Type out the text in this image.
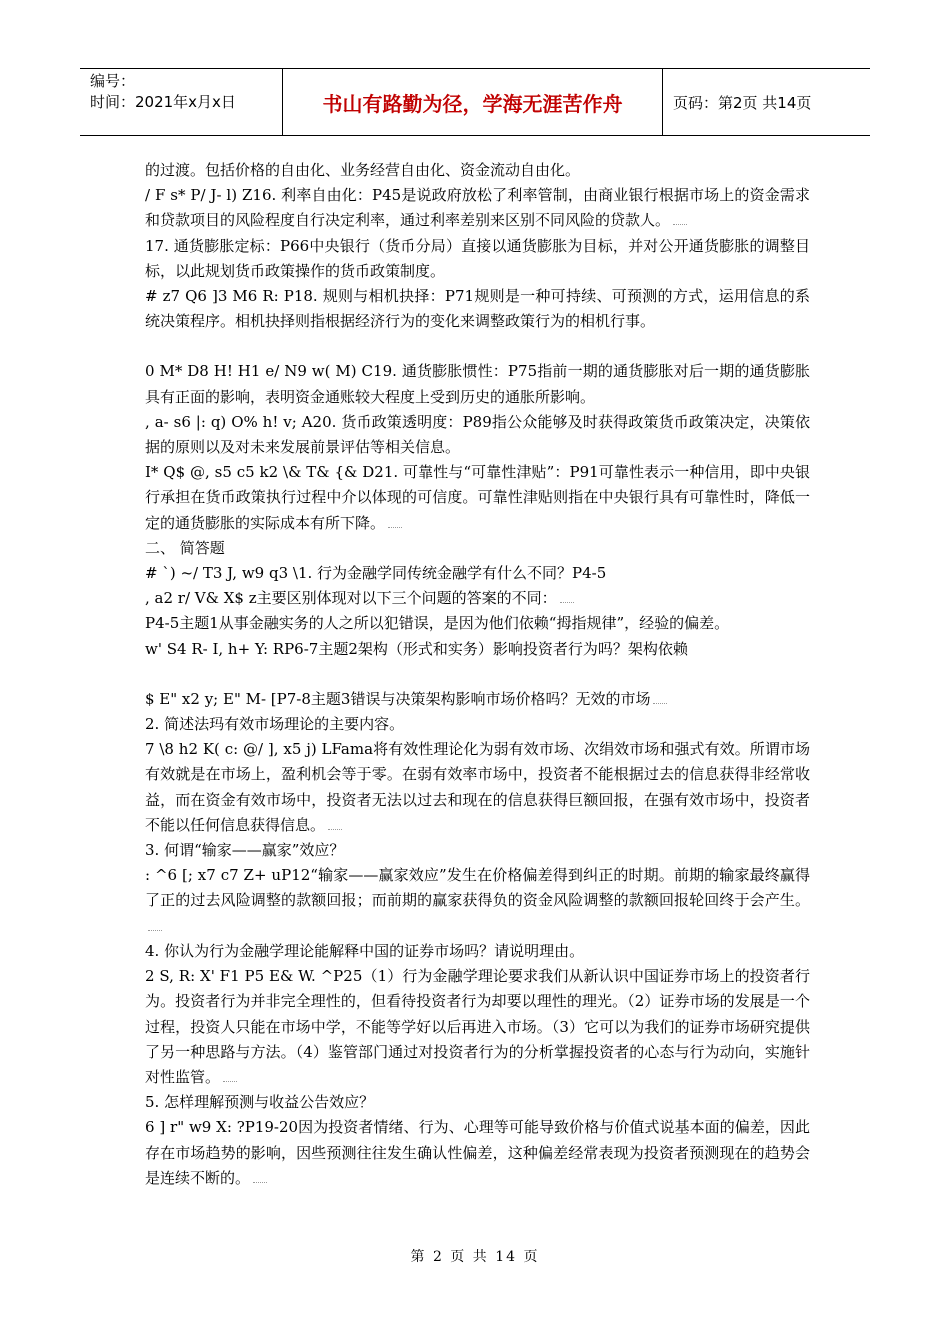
编号：
时间：2021年x月x日	书山有路勤为径，学海无涯苦作舟	页码：第2页 共14页

的过渡。包括价格的自由化、业务经营自由化、资金流动自由化。

/ F s* P/ J- l) Z16. 利率自由化：P45是说政府放松了利率管制，由商业银行根据市场上的资金需求和贷款项目的风险程度自行决定利率，通过利率差别来区别不同风险的贷款人。

17. 通货膨胀定标：P66中央银行（货币分局）直接以通货膨胀为目标，并对公开通货膨胀的调整目标，以此规划货币政策操作的货币政策制度。

# z7 Q6 ]3 M6 R: P18. 规则与相机抉择：P71规则是一种可持续、可预测的方式，运用信息的系统决策程序。相机抉择则指根据经济行为的变化来调整政策行为的相机行事。

0 M* D8 H! H1 e/ N9 w( M) C19. 通货膨胀惯性：P75指前一期的通货膨胀对后一期的通货膨胀具有正面的影响，表明资金通账较大程度上受到历史的通胀所影响。

, a- s6 |: q) O% h! v; A20. 货币政策透明度：P89指公众能够及时获得政策货币政策决定，决策依据的原则以及对未来发展前景评估等相关信息。

I* Q$ @, s5 c5 k2 \& T& {& D21. 可靠性与“可靠性津贴”：P91可靠性表示一种信用，即中央银行承担在货币政策执行过程中介以体现的可信度。可靠性津贴则指在中央银行具有可靠性时，降低一定的通货膨胀的实际成本有所下降。

二、 简答题

# `) ~/ T3 J, w9 q3 \1. 行为金融学同传统金融学有什么不同？P4-5

, a2 r/ V& X$ z主要区别体现对以下三个问题的答案的不同：

P4-5主题1从事金融实务的人之所以犯错误，是因为他们依赖“拇指规律”，经验的偏差。

w' S4 R- I, h+ Y: RP6-7主题2架构（形式和实务）影响投资者行为吗？架构依赖

$ E" x2 y; E" M- [P7-8主题3错误与决策架构影响市场价格吗？无效的市场

2. 简述法玛有效市场理论的主要内容。

7 \8 h2 K( c: @/ ], x5 j) LFama将有效性理论化为弱有效市场、次绢效市场和强式有效。所谓市场有效就是在市场上，盈利机会等于零。在弱有效率市场中，投资者不能根据过去的信息获得非经常收益，而在资金有效市场中，投资者无法以过去和现在的信息获得巨额回报，在强有效市场中，投资者不能以任何信息获得信息。

3. 何谓“输家——赢家”效应？

: ^6 [; x7 c7 Z+ uP12“输家——赢家效应”发生在价格偏差得到纠正的时期。前期的输家最终赢得了正的过去风险调整的款额回报；而前期的赢家获得负的资金风险调整的款额回报轮回终于会产生。

4. 你认为行为金融学理论能解释中国的证券市场吗？请说明理由。

2 S, R: X' F1 P5 E& W. ^P25（1）行为金融学理论要求我们从新认识中国证券市场上的投资者行为。投资者行为并非完全理性的，但看待投资者行为却要以理性的理光。（2）证券市场的发展是一个过程，投资人只能在市场中学，不能等学好以后再进入市场。（3）它可以为我们的证券市场研究提供了另一种思路与方法。（4）鉴管部门通过对投资者行为的分析掌握投资者的心态与行为动向，实施针对性监管。

5. 怎样理解预测与收益公告效应？

6 ] r" w9 X: ?P19-20因为投资者情绪、行为、心理等可能导致价格与价值式说基本面的偏差，因此存在市场趋势的影响，因些预测往往发生确认性偏差，这种偏差经常表现为投资者预测现在的趋势会是连续不断的。

第 2 页 共 14 页
